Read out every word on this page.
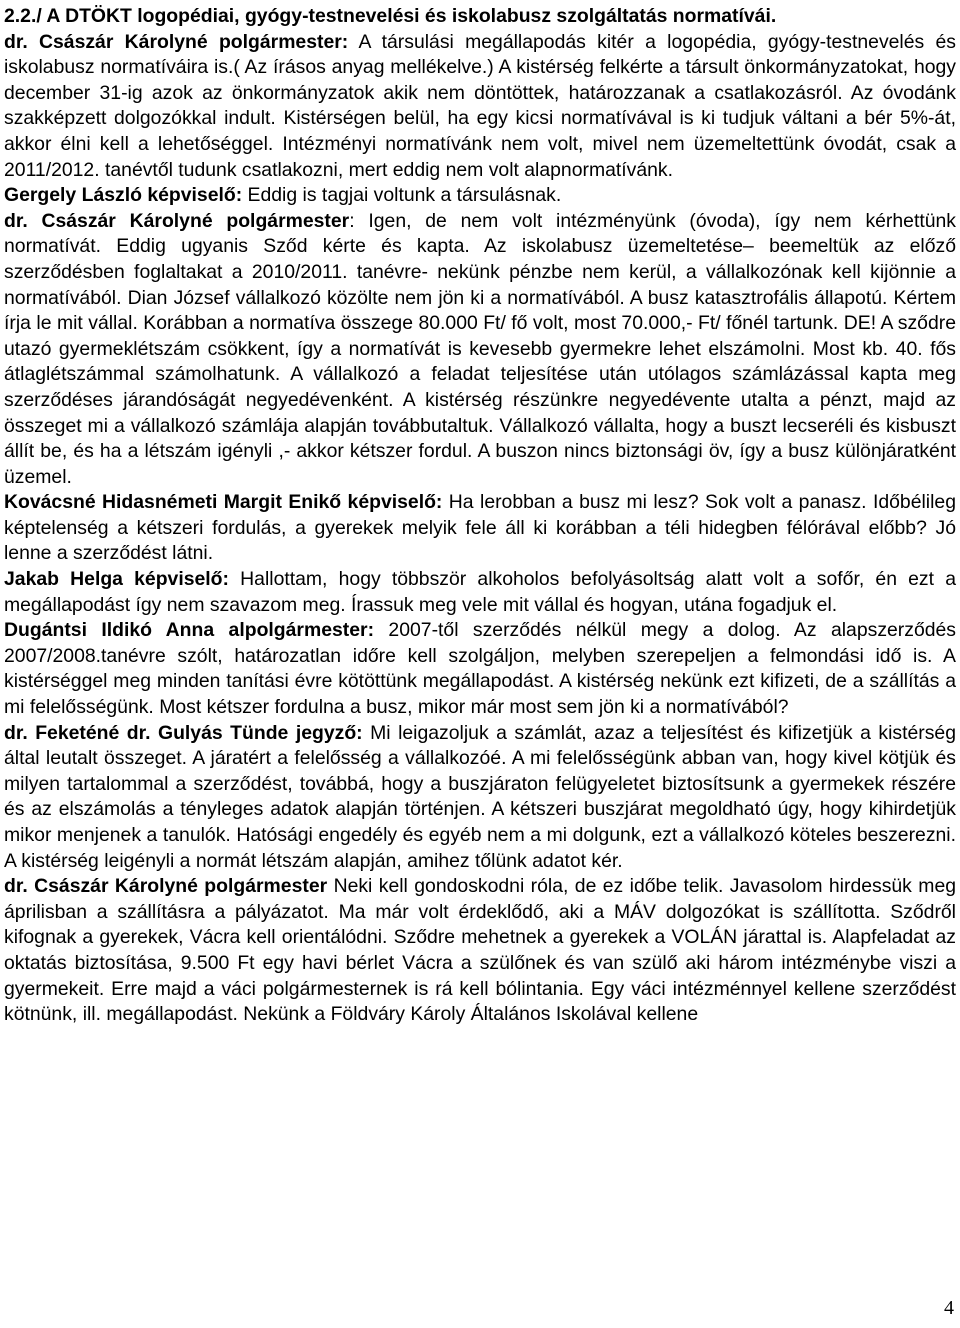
2.2./ A DTÖKT logopédiai, gyógy-testnevelési és iskolabusz szolgáltatás normatívái.

dr. Császár Károlyné polgármester: A társulási megállapodás kitér a logopédia, gyógy-testnevelés és iskolabusz normatíváira is.( Az írásos anyag mellékelve.) A kistérség felkérte a társult önkormányzatokat, hogy december 31-ig azok az önkormányzatok akik nem döntöttek, határozzanak a csatlakozásról. Az óvodánk szakképzett dolgozókkal indult. Kistérségen belül, ha egy kicsi normatívával is ki tudjuk váltani a bér 5%-át, akkor élni kell a lehetőséggel. Intézményi normatívánk nem volt, mivel nem üzemeltettünk óvodát, csak a 2011/2012. tanévtől tudunk csatlakozni, mert eddig nem volt alapnormatívánk.

Gergely László képviselő: Eddig is tagjai voltunk a társulásnak.

dr. Császár Károlyné polgármester: Igen, de nem volt intézményünk (óvoda), így nem kérhettünk normatívát. Eddig ugyanis Sződ kérte és kapta. Az iskolabusz üzemeltetése– beemeltük az előző szerződésben foglaltakat a 2010/2011. tanévre- nekünk pénzbe nem kerül, a vállalkozónak kell kijönnie a normatívából. Dian József vállalkozó közölte nem jön ki a normatívából. A busz katasztrofális állapotú. Kértem írja le mit vállal. Korábban a normatíva összege 80.000 Ft/ fő volt, most 70.000,- Ft/ főnél tartunk. DE! A sződre utazó gyermeklétszám csökkent, így a normatívát is kevesebb gyermekre lehet elszámolni. Most kb. 40. fős átlaglétszámmal számolhatunk. A vállalkozó a feladat teljesítése után utólagos számlázással kapta meg szerződéses járandóságát negyedévenként. A kistérség részünkre negyedévente utalta a pénzt, majd az összeget mi a vállalkozó számlája alapján továbbutaltuk. Vállalkozó vállalta, hogy a buszt lecseréli és kisbuszt állít be, és ha a létszám igényli ,- akkor kétszer fordul. A buszon nincs biztonsági öv, így a busz különjáratként üzemel.

Kovácsné Hidasnémeti Margit Enikő képviselő: Ha lerobban a busz mi lesz? Sok volt a panasz. Időbélileg képtelenség a kétszeri fordulás, a gyerekek melyik fele áll ki korábban a téli hidegben félórával előbb? Jó lenne a szerződést látni.

Jakab Helga képviselő: Hallottam, hogy többször alkoholos befolyásoltság alatt volt a sofőr, én ezt a megállapodást így nem szavazom meg. Írassuk meg vele mit vállal és hogyan, utána fogadjuk el.

Dugántsi Ildikó Anna alpolgármester: 2007-től szerződés nélkül megy a dolog. Az alapszerződés 2007/2008.tanévre szólt, határozatlan időre kell szolgáljon, melyben szerepeljen a felmondási idő is. A kistérséggel meg minden tanítási évre kötöttünk megállapodást. A kistérség nekünk ezt kifizeti, de a szállítás a mi felelősségünk. Most kétszer fordulna a busz, mikor már most sem jön ki a normatívából?

dr. Feketéné dr. Gulyás Tünde jegyző: Mi leigazoljuk a számlát, azaz a teljesítést és kifizetjük a kistérség által leutalt összeget. A járatért a felelősség a vállalkozóé. A mi felelősségünk abban van, hogy kivel kötjük és milyen tartalommal a szerződést, továbbá, hogy a buszjáraton felügyeletet biztosítsunk a gyermekek részére és az elszámolás a tényleges adatok alapján történjen. A kétszeri buszjárat megoldható úgy, hogy kihirdetjük mikor menjenek a tanulók. Hatósági engedély és egyéb nem a mi dolgunk, ezt a vállalkozó köteles beszerezni. A kistérség leigényli a normát létszám alapján, amihez tőlünk adatot kér.

dr. Császár Károlyné polgármester Neki kell gondoskodni róla, de ez időbe telik. Javasolom hirdessük meg áprilisban a szállításra a pályázatot. Ma már volt érdeklődő, aki a MÁV dolgozókat is szállította. Sződről kifognak a gyerekek, Vácra kell orientálódni. Sződre mehetnek a gyerekek a VOLÁN járattal is. Alapfeladat az oktatás biztosítása, 9.500 Ft egy havi bérlet Vácra a szülőnek és van szülő aki három intézménybe viszi a gyermekeit. Erre majd a váci polgármesternek is rá kell bólintania. Egy váci intézménnyel kellene szerződést kötnünk, ill. megállapodást. Nekünk a Földváry Károly Általános Iskolával kellene

4
